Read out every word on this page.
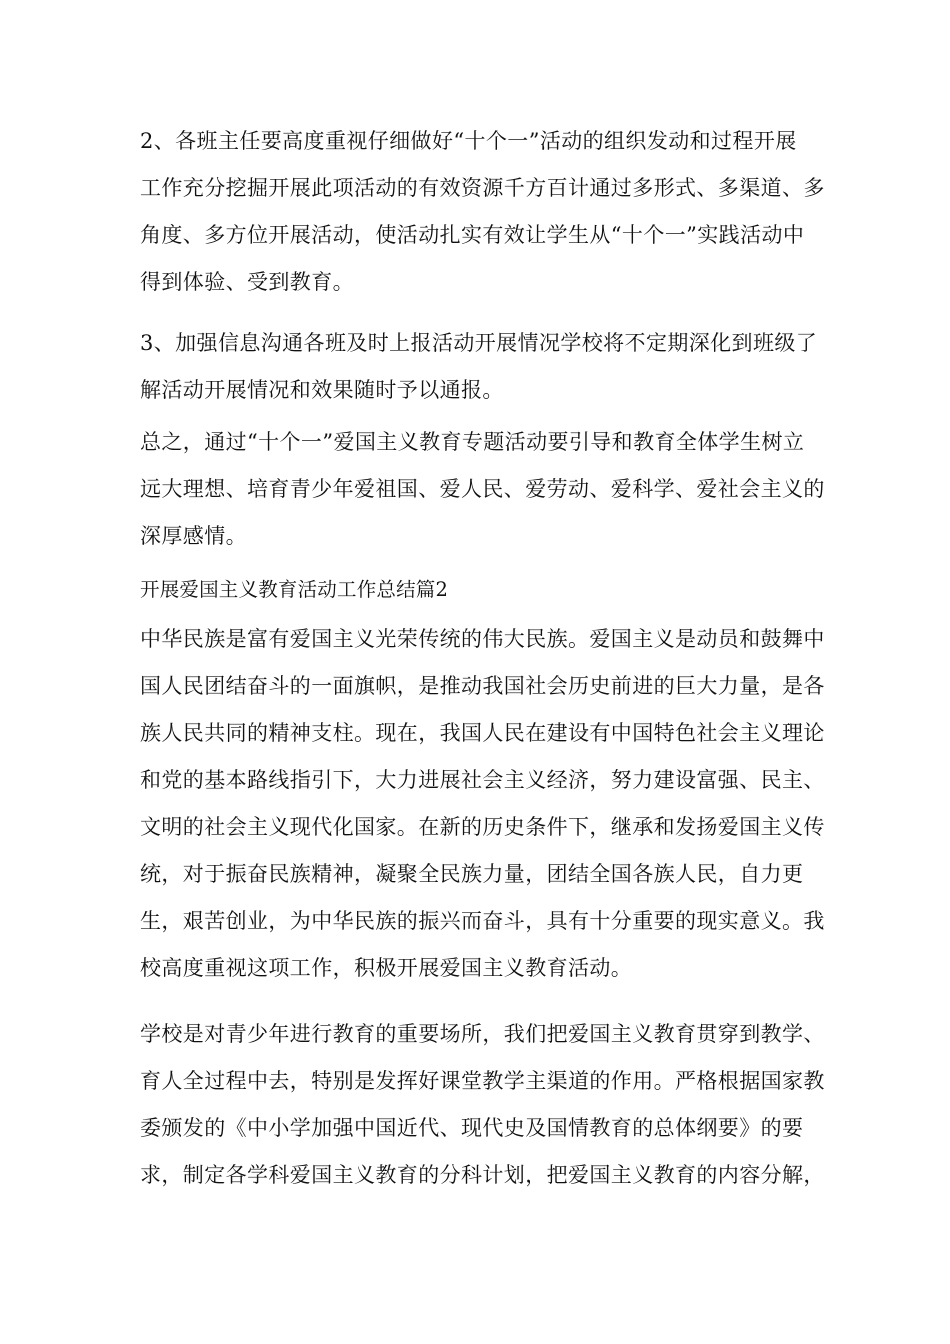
2、各班主任要高度重视仔细做好“十个一”活动的组织发动和过程开展
工作充分挖掘开展此项活动的有效资源千方百计通过多形式、多渠道、多
角度、多方位开展活动，使活动扎实有效让学生从“十个一”实践活动中
得到体验、受到教育。

3、加强信息沟通各班及时上报活动开展情况学校将不定期深化到班级了
解活动开展情况和效果随时予以通报。

总之，通过“十个一”爱国主义教育专题活动要引导和教育全体学生树立
远大理想、培育青少年爱祖国、爱人民、爱劳动、爱科学、爱社会主义的
深厚感情。

开展爱国主义教育活动工作总结篇2

中华民族是富有爱国主义光荣传统的伟大民族。爱国主义是动员和鼓舞中
国人民团结奋斗的一面旗帜，是推动我国社会历史前进的巨大力量，是各
族人民共同的精神支柱。现在，我国人民在建设有中国特色社会主义理论
和党的基本路线指引下，大力进展社会主义经济，努力建设富强、民主、
文明的社会主义现代化国家。在新的历史条件下，继承和发扬爱国主义传
统，对于振奋民族精神，凝聚全民族力量，团结全国各族人民，自力更
生，艰苦创业，为中华民族的振兴而奋斗，具有十分重要的现实意义。我
校高度重视这项工作，积极开展爱国主义教育活动。

学校是对青少年进行教育的重要场所，我们把爱国主义教育贯穿到教学、
育人全过程中去，特别是发挥好课堂教学主渠道的作用。严格根据国家教
委颁发的《中小学加强中国近代、现代史及国情教育的总体纲要》的要
求，制定各学科爱国主义教育的分科计划，把爱国主义教育的内容分解，
